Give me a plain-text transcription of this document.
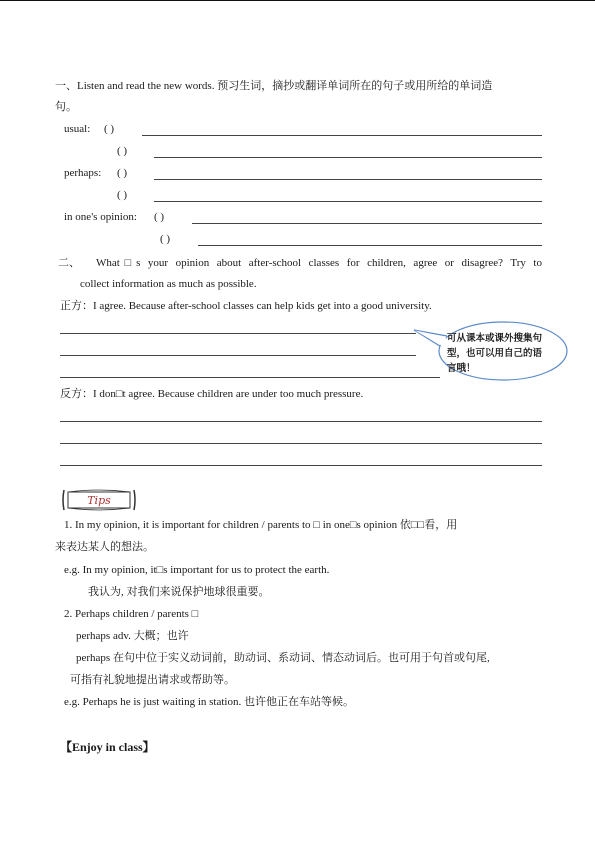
一、Listen and read the new words. 预习生词，摘抄或翻译单词所在的句子或用所给的单词造
句。
usual: ( )
( )
perhaps: ( )
( )
in one's opinion: ( )
( )
二、 What□s your opinion about after-school classes for children, agree or disagree? Try to
collect information as much as possible.
正方：I agree. Because after-school classes can help kids get into a good university.
可从课本或课外搜集句型，也可以用自己的语言哦！
反方：I don□t agree. Because children are under too much pressure.
Tips
1. In my opinion, it is important for children / parents to □ in one□s opinion 依□□看，用
来表达某人的想法。
e.g. In my opinion, it□s important for us to protect the earth.
我认为, 对我们来说保护地球很重要。
2. Perhaps children / parents □
perhaps adv. 大概；也许
perhaps 在句中位于实义动词前，助动词、系动词、情态动词后。也可用于句首或句尾,
可指有礼貌地提出请求或帮助等。
e.g. Perhaps he is just waiting in station. 也许他正在车站等候。
【Enjoy in class】
